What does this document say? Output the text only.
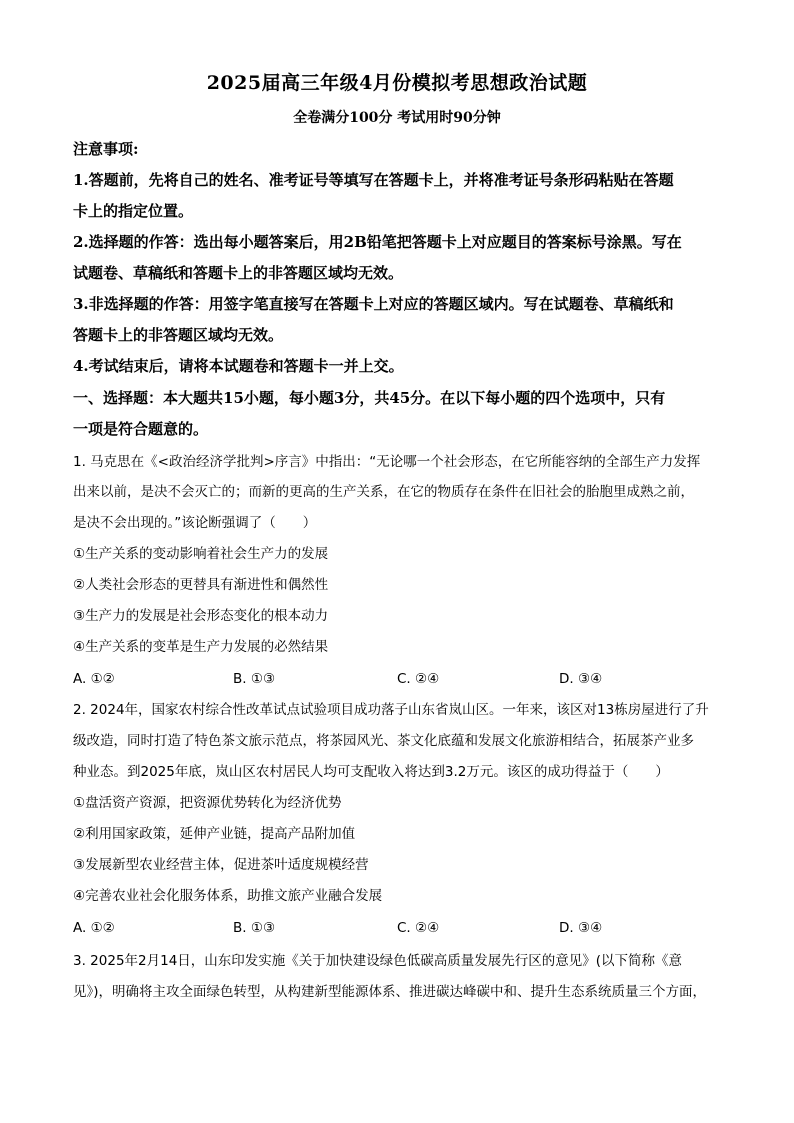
2025届高三年级4月份模拟考思想政治试题
全卷满分100分 考试用时90分钟
注意事项:
1.答题前，先将自己的姓名、准考证号等填写在答题卡上，并将准考证号条形码粘贴在答题
卡上的指定位置。
2.选择题的作答：选出每小题答案后，用2B铅笔把答题卡上对应题目的答案标号涂黑。写在
试题卷、草稿纸和答题卡上的非答题区域均无效。
3.非选择题的作答：用签字笔直接写在答题卡上对应的答题区域内。写在试题卷、草稿纸和
答题卡上的非答题区域均无效。
4.考试结束后，请将本试题卷和答题卡一并上交。
一、选择题：本大题共15小题，每小题3分，共45分。在以下每小题的四个选项中，只有
一项是符合题意的。
1. 马克思在《<政治经济学批判>序言》中指出：“无论哪一个社会形态，在它所能容纳的全部生产力发挥
出来以前，是决不会灭亡的；而新的更高的生产关系，在它的物质存在条件在旧社会的胎胞里成熟之前，
是决不会出现的。”该论断强调了（　　）
①生产关系的变动影响着社会生产力的发展
②人类社会形态的更替具有渐进性和偶然性
③生产力的发展是社会形态变化的根本动力
④生产关系的变革是生产力发展的必然结果
A. ①②	B. ①③	C. ②④	D. ③④
2. 2024年，国家农村综合性改革试点试验项目成功落子山东省岚山区。一年来，该区对13栋房屋进行了升
级改造，同时打造了特色茶文旅示范点，将茶园风光、茶文化底蕴和发展文化旅游相结合，拓展茶产业多
种业态。到2025年底，岚山区农村居民人均可支配收入将达到3.2万元。该区的成功得益于（　　）
①盘活资产资源，把资源优势转化为经济优势
②利用国家政策，延伸产业链，提高产品附加值
③发展新型农业经营主体，促进茶叶适度规模经营
④完善农业社会化服务体系，助推文旅产业融合发展
A. ①②	B. ①③	C. ②④	D. ③④
3. 2025年2月14日，山东印发实施《关于加快建设绿色低碳高质量发展先行区的意见》(以下简称《意
见》)，明确将主攻全面绿色转型，从构建新型能源体系、推进碳达峰碳中和、提升生态系统质量三个方面，
